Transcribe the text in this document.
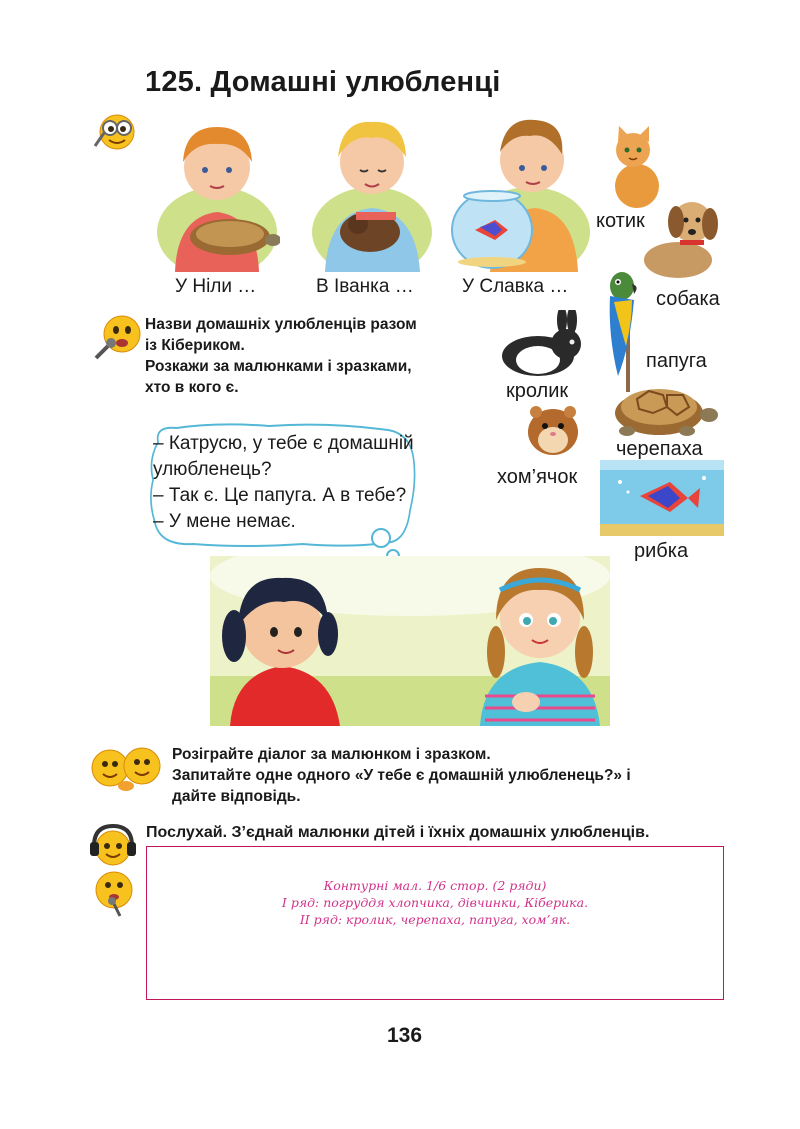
125. Домашні улюбленці
У Ніли …	В Іванка …	У Славка …
котик
собака
папуга
кролик
черепаха
хом’ячок
рибка
Назви домашніх улюбленців разом
із Кібериком.
Розкажи за малюнками і зразками,
хто в кого є.
– Катрусю, у тебе є домашній
улюбленець?
– Так є. Це папуга. А в тебе?
– У мене немає.
Розіграйте діалог за малюнком і зразком.
Запитайте одне одного «У тебе є домашній улюбленець?» і
дайте відповідь.
Послухай. З’єднай малюнки дітей і їхніх домашніх улюбленців.
Контурні мал. 1/6 стор. (2 ряди)
І ряд: погруддя хлопчика, дівчинки, Кіберика.
ІІ ряд: кролик, черепаха, папуга, хом’як.
136
